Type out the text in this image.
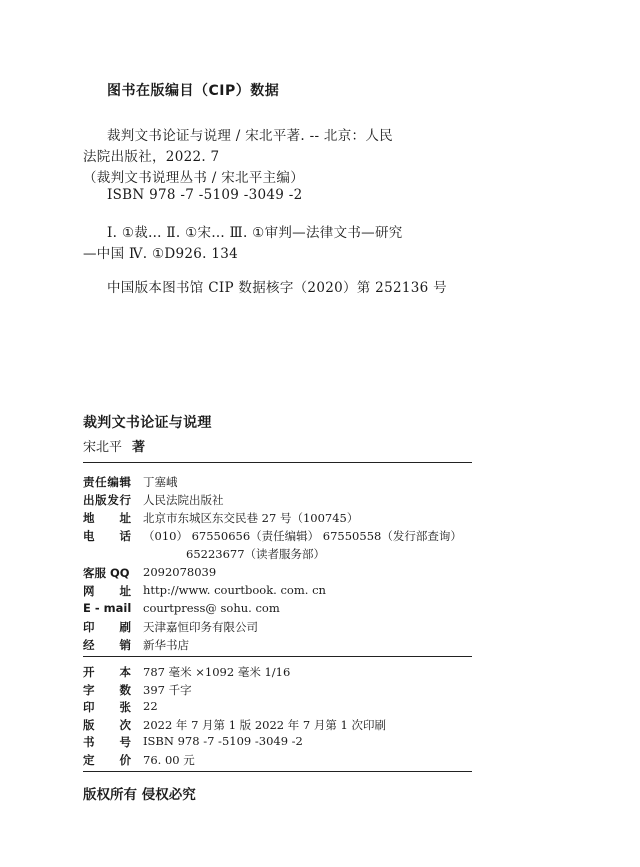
图书在版编目（CIP）数据
裁判文书论证与说理 / 宋北平著. -- 北京：人民
法院出版社，2022. 7
（裁判文书说理丛书 / 宋北平主编）
ISBN 978 -7 -5109 -3049 -2
Ⅰ. ①裁… Ⅱ. ①宋… Ⅲ. ①审判—法律文书—研究
—中国 Ⅳ. ①D926. 134
中国版本图书馆 CIP 数据核字（2020）第 252136 号
裁判文书论证与说理
宋北平 著
责 任 编 辑 丁塞峨
出 版 发 行 人民法院出版社
地 址 北京市东城区东交民巷 27 号（100745）
电 话 （010） 67550656（责任编辑） 67550558（发行部查询）
65223677（读者服务部）
客服 QQ 2092078039
网 址 http://www. courtbook. com. cn
E - mail courtpress@ sohu. com
印 刷 天津嘉恒印务有限公司
经 销 新华书店
开 本 787 毫米 ×1092 毫米 1/16
字 数 397 千字
印 张 22
版 次 2022 年 7 月第 1 版 2022 年 7 月第 1 次印刷
书 号 ISBN 978 -7 -5109 -3049 -2
定 价 76. 00 元
版权所有 侵权必究
